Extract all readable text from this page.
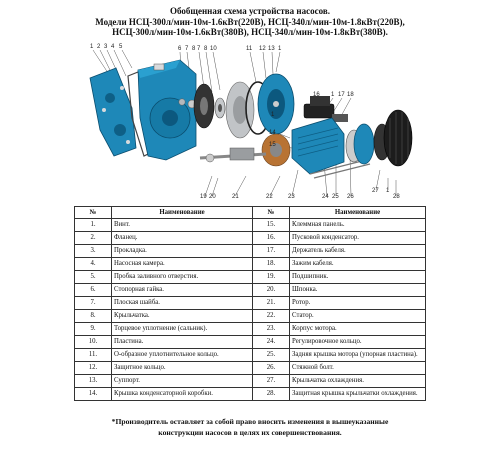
Обобщенная схема устройства насосов.
Модели НСЦ-300л/мин-10м-1.6кВт(220В), НСЦ-340л/мин-10м-1.8кВт(220В),
НСЦ-300л/мин-10м-1.6кВт(380В), НСЦ-340л/мин-10м-1.8кВт(380В).
1 2 3 4 5	6 7 8 7 8 10	11 12 13 1
16 1 17 18
1
14
15
19 20	21	22	23	24 25 26
27 1
28
№	Наименование	№	Наименование
1.	Винт.	15.	Клеммная панель.
2.	Фланец.	16.	Пусковой конденсатор.
3.	Прокладка.	17.	Держатель кабеля.
4.	Насосная камера.	18.	Зажим кабеля.
5.	Пробка заливного отверстия.	19.	Подшипник.
6.	Стопорная гайка.	20.	Шпонка.
7.	Плоская шайба.	21.	Ротор.
8.	Крыльчатка.	22.	Статор.
9.	Торцевое уплотнение (сальник).	23.	Корпус мотора.
10.	Пластина.	24.	Регулировочное кольцо.
11.	О-образное уплотнительное кольцо.	25.	Задняя крышка мотора (упорная пластина).
12.	Защитное кольцо.	26.	Стяжной болт.
13.	Суппорт.	27.	Крыльчатка охлаждения.
14.	Крышка конденсаторной коробки.	28.	Защитная крышка крыльчатки охлаждения.
*Производитель оставляет за собой право вносить изменения в вышеуказанные
конструкции насосов в целях их совершенствования.
